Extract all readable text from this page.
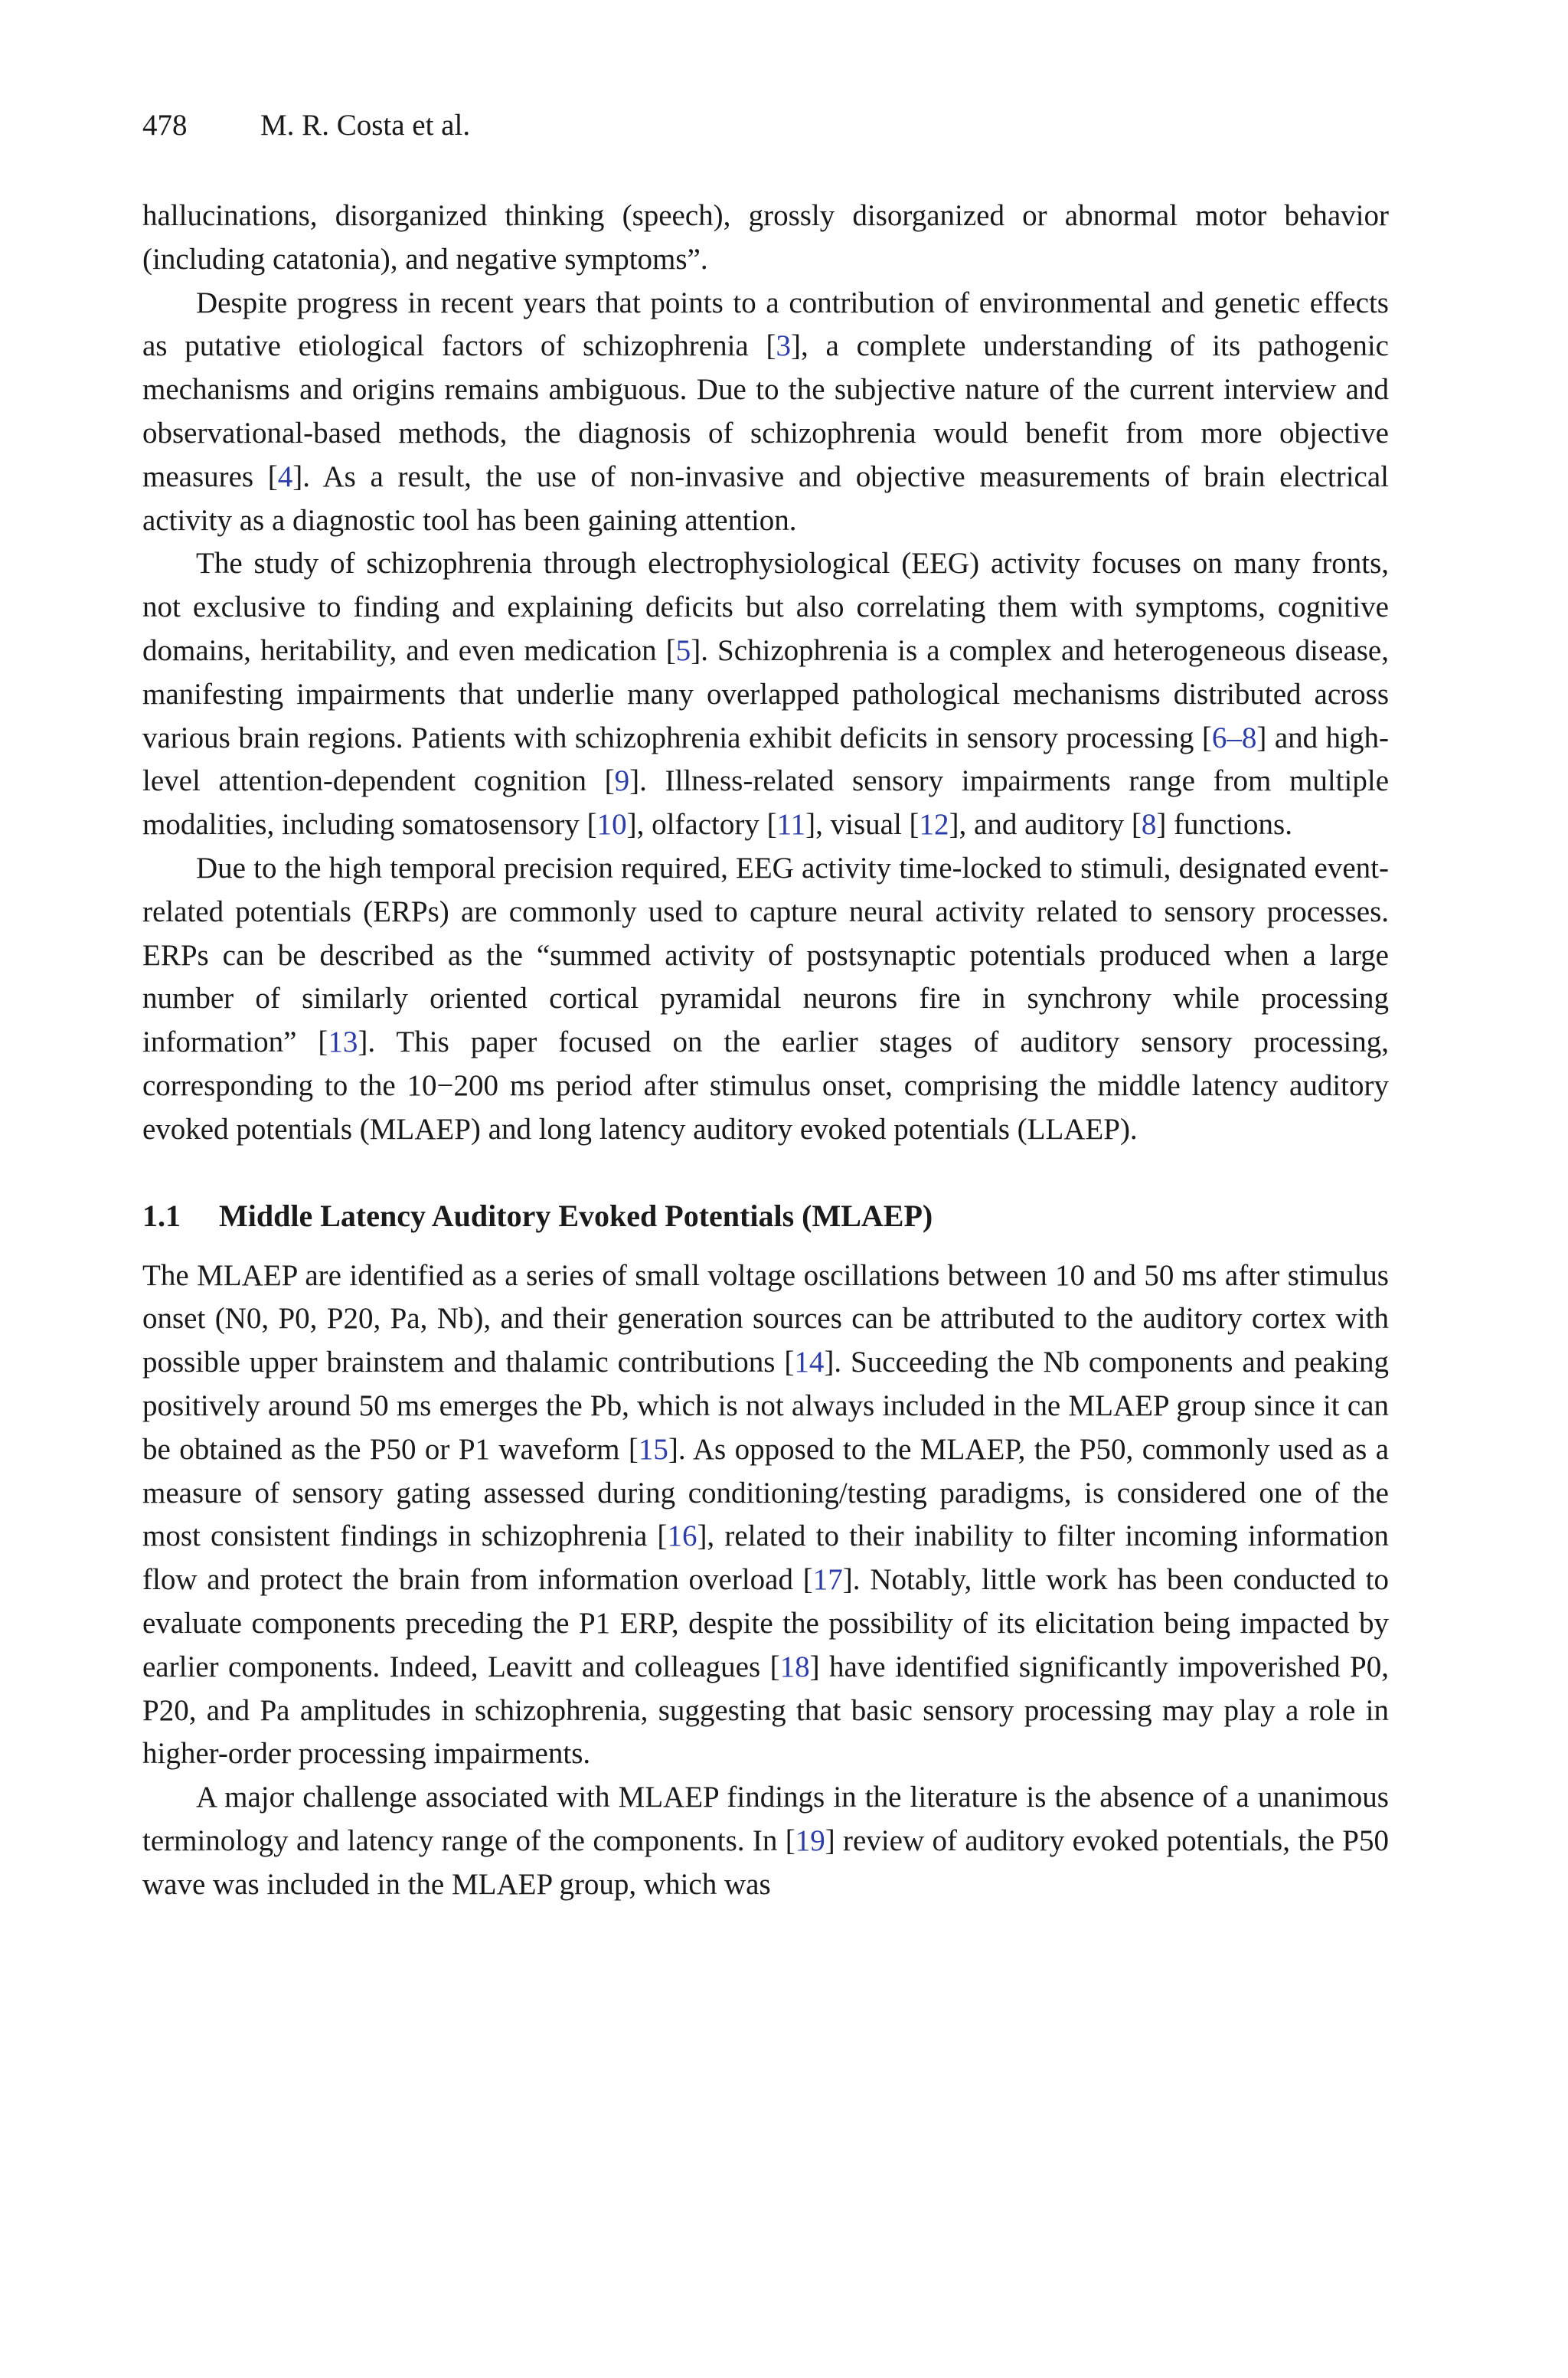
478 M. R. Costa et al.

hallucinations, disorganized thinking (speech), grossly disorganized or abnormal motor behavior (including catatonia), and negative symptoms”.

Despite progress in recent years that points to a contribution of environmental and genetic effects as putative etiological factors of schizophrenia [3], a complete understanding of its pathogenic mechanisms and origins remains ambiguous. Due to the subjective nature of the current interview and observational-based methods, the diagnosis of schizophrenia would benefit from more objective measures [4]. As a result, the use of non-invasive and objective measurements of brain electrical activity as a diagnostic tool has been gaining attention.

The study of schizophrenia through electrophysiological (EEG) activity focuses on many fronts, not exclusive to finding and explaining deficits but also correlating them with symptoms, cognitive domains, heritability, and even medication [5]. Schizophrenia is a complex and heterogeneous disease, manifesting impairments that underlie many overlapped pathological mechanisms distributed across various brain regions. Patients with schizophrenia exhibit deficits in sensory processing [6–8] and high-level attention-dependent cognition [9]. Illness-related sensory impairments range from multiple modalities, including somatosensory [10], olfactory [11], visual [12], and auditory [8] functions.

Due to the high temporal precision required, EEG activity time-locked to stimuli, designated event-related potentials (ERPs) are commonly used to capture neural activity related to sensory processes. ERPs can be described as the “summed activity of postsynaptic potentials produced when a large number of similarly oriented cortical pyramidal neurons fire in synchrony while processing information” [13]. This paper focused on the earlier stages of auditory sensory processing, corresponding to the 10−200 ms period after stimulus onset, comprising the middle latency auditory evoked potentials (MLAEP) and long latency auditory evoked potentials (LLAEP).

1.1 Middle Latency Auditory Evoked Potentials (MLAEP)

The MLAEP are identified as a series of small voltage oscillations between 10 and 50 ms after stimulus onset (N0, P0, P20, Pa, Nb), and their generation sources can be attributed to the auditory cortex with possible upper brainstem and thalamic contributions [14]. Succeeding the Nb components and peaking positively around 50 ms emerges the Pb, which is not always included in the MLAEP group since it can be obtained as the P50 or P1 waveform [15]. As opposed to the MLAEP, the P50, commonly used as a measure of sensory gating assessed during conditioning/testing paradigms, is considered one of the most consistent findings in schizophrenia [16], related to their inability to filter incoming information flow and protect the brain from information overload [17]. Notably, little work has been conducted to evaluate components preceding the P1 ERP, despite the possibility of its elicitation being impacted by earlier components. Indeed, Leavitt and colleagues [18] have identified significantly impoverished P0, P20, and Pa amplitudes in schizophrenia, suggesting that basic sensory processing may play a role in higher-order processing impairments.

A major challenge associated with MLAEP findings in the literature is the absence of a unanimous terminology and latency range of the components. In [19] review of auditory evoked potentials, the P50 wave was included in the MLAEP group, which was
